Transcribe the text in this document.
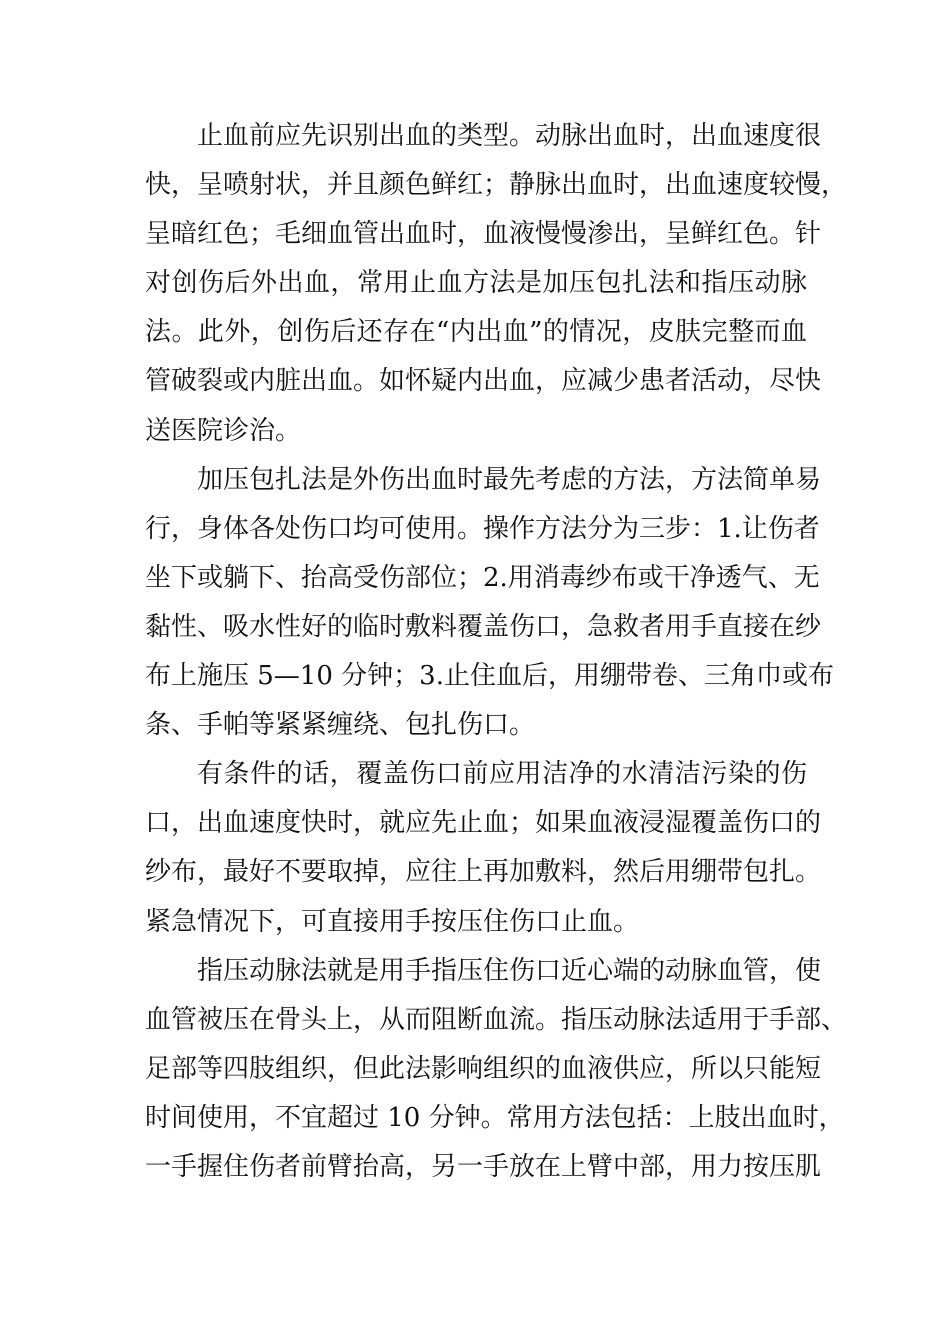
止血前应先识别出血的类型。动脉出血时，出血速度很
快，呈喷射状，并且颜色鲜红；静脉出血时，出血速度较慢，
呈暗红色；毛细血管出血时，血液慢慢渗出，呈鲜红色。针
对创伤后外出血，常用止血方法是加压包扎法和指压动脉
法。此外，创伤后还存在“内出血”的情况，皮肤完整而血
管破裂或内脏出血。如怀疑内出血，应减少患者活动，尽快
送医院诊治。
加压包扎法是外伤出血时最先考虑的方法，方法简单易
行，身体各处伤口均可使用。操作方法分为三步：1.让伤者
坐下或躺下、抬高受伤部位；2.用消毒纱布或干净透气、无
黏性、吸水性好的临时敷料覆盖伤口，急救者用手直接在纱
布上施压 5—10 分钟；3.止住血后，用绷带卷、三角巾或布
条、手帕等紧紧缠绕、包扎伤口。
有条件的话，覆盖伤口前应用洁净的水清洁污染的伤
口，出血速度快时，就应先止血；如果血液浸湿覆盖伤口的
纱布，最好不要取掉，应往上再加敷料，然后用绷带包扎。
紧急情况下，可直接用手按压住伤口止血。
指压动脉法就是用手指压住伤口近心端的动脉血管，使
血管被压在骨头上，从而阻断血流。指压动脉法适用于手部、
足部等四肢组织，但此法影响组织的血液供应，所以只能短
时间使用，不宜超过 10 分钟。常用方法包括：上肢出血时，
一手握住伤者前臂抬高，另一手放在上臂中部，用力按压肌
